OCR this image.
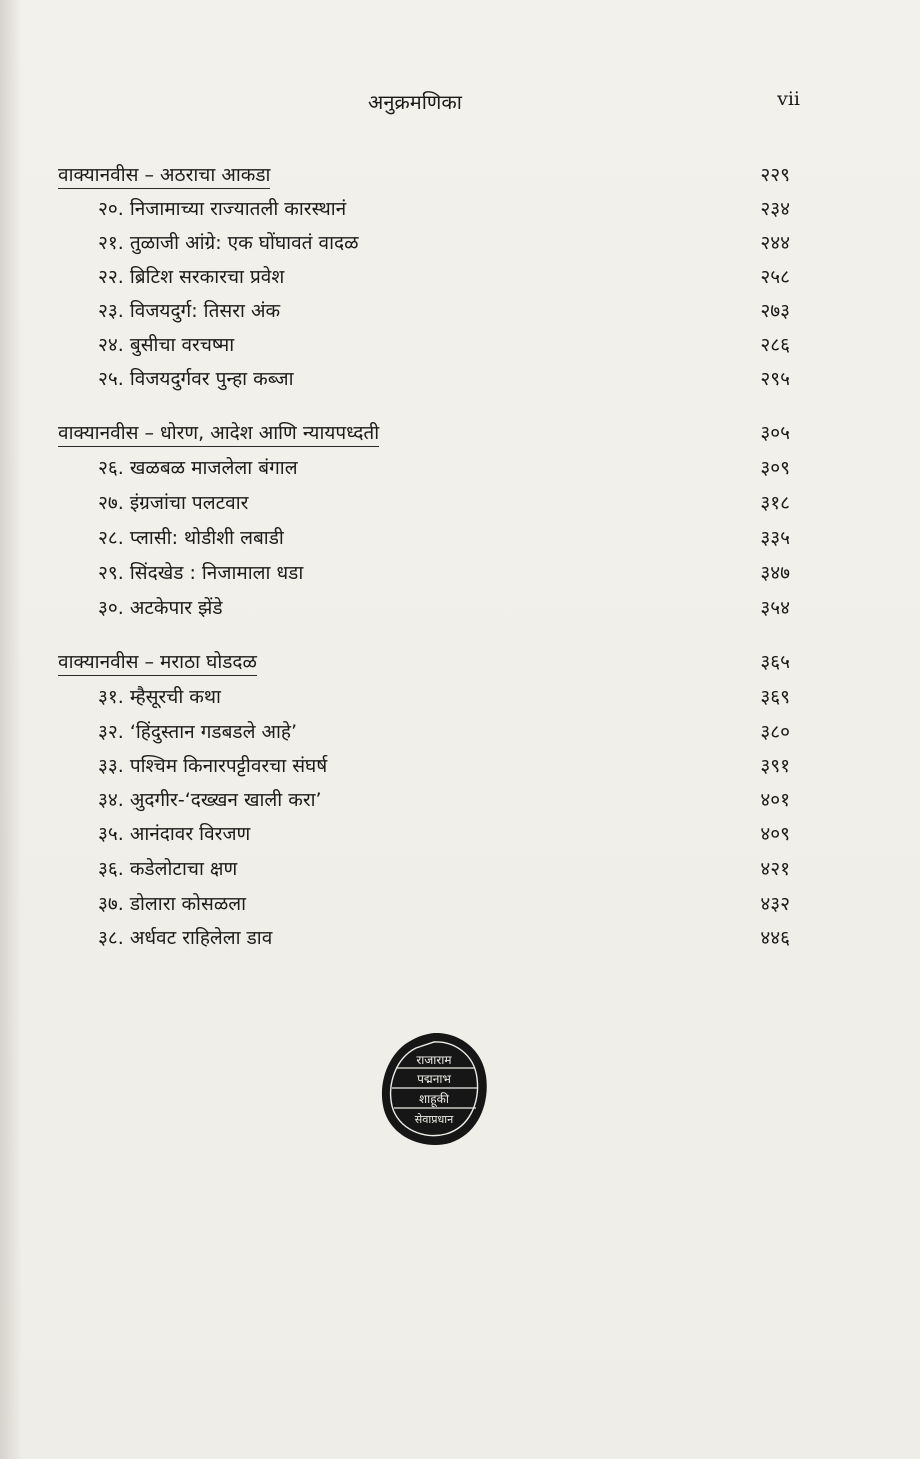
अनुक्रमणिका	vii
वाक्यानवीस – अठराचा आकडा	२२९
२०. निजामाच्या राज्यातली कारस्थानं	२३४
२१. तुळाजी आंग्रे: एक घोंघावतं वादळ	२४४
२२. ब्रिटिश सरकारचा प्रवेश	२५८
२३. विजयदुर्ग: तिसरा अंक	२७३
२४. बुसीचा वरचष्मा	२८६
२५. विजयदुर्गवर पुन्हा कब्जा	२९५
वाक्यानवीस – धोरण, आदेश आणि न्यायपध्दती	३०५
२६. खळबळ माजलेला बंगाल	३०९
२७. इंग्रजांचा पलटवार	३१८
२८. प्लासी: थोडीशी लबाडी	३३५
२९. सिंदखेड : निजामाला धडा	३४७
३०. अटकेपार झेंडे	३५४
वाक्यानवीस – मराठा घोडदळ	३६५
३१. म्हैसूरची कथा	३६९
३२. ‘हिंदुस्तान गडबडले आहे’	३८०
३३. पश्चिम किनारपट्टीवरचा संघर्ष	३९१
३४. अुदगीर-‘दख्खन खाली करा’	४०१
३५. आनंदावर विरजण	४०९
३६. कडेलोटाचा क्षण	४२१
३७. डोलारा कोसळला	४३२
३८. अर्धवट राहिलेला डाव	४४६
राजाराम
पद्मनाभ
शाहूकी
सेवाप्रधान
